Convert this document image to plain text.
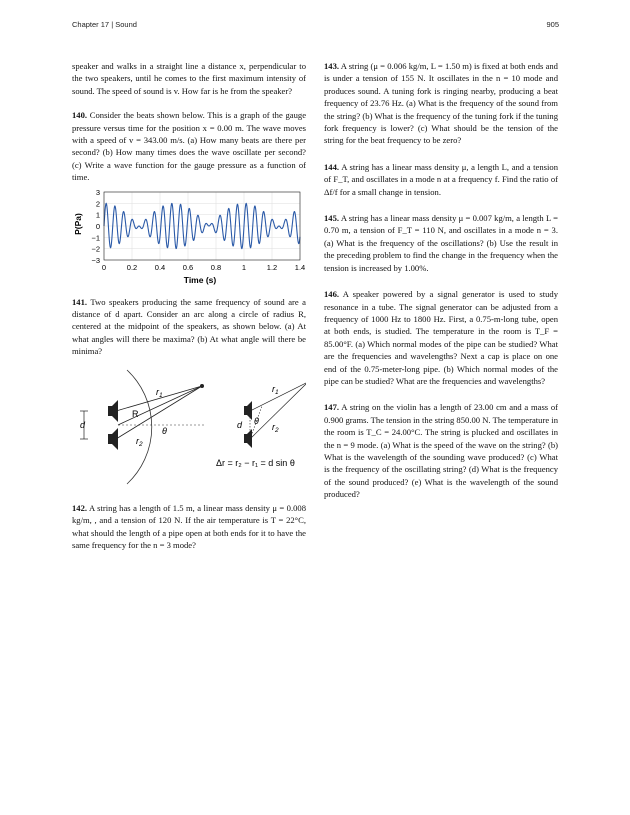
Chapter 17 | Sound	905

speaker and walks in a straight line a distance x, perpendicular to the two speakers, until he comes to the first maximum intensity of sound. The speed of sound is v. How far is he from the speaker?

140. Consider the beats shown below. This is a graph of the gauge pressure versus time for the position x = 0.00 m. The wave moves with a speed of v = 343.00 m/s. (a) How many beats are there per second? (b) How many times does the wave oscillate per second? (c) Write a wave function for the gauge pressure as a function of time.

3
2
1
0
−1
−2
−3
0	0.2 0.4 0.6 0.8	1	1.2 1.4
P(Pa)
Time (s)

141. Two speakers producing the same frequency of sound are a distance of d apart. Consider an arc along a circle of radius R, centered at the midpoint of the speakers, as shown below. (a) At what angles will there be maxima? (b) At what angle will there be minima?

d
$r_1$
R
$r_2$
θ
d θ
$r_1$
$r_2$
Δr = r₂ − r₁ = d sin θ

142. A string has a length of 1.5 m, a linear mass density μ = 0.008 kg/m, , and a tension of 120 N. If the air temperature is T = 22°C, what should the length of a pipe open at both ends for it to have the same frequency for the n = 3 mode?

143. A string (μ = 0.006 kg/m, L = 1.50 m) is fixed at both ends and is under a tension of 155 N. It oscillates in the n = 10 mode and produces sound. A tuning fork is ringing nearby, producing a beat frequency of 23.76 Hz. (a) What is the frequency of the sound from the string? (b) What is the frequency of the tuning fork if the tuning fork frequency is lower? (c) What should be the tension of the string for the beat frequency to be zero?

144. A string has a linear mass density μ, a length L, and a tension of F_T, and oscillates in a mode n at a frequency f. Find the ratio of Δf/f for a small change in tension.

145. A string has a linear mass density μ = 0.007 kg/m, a length L = 0.70 m, a tension of F_T = 110 N, and oscillates in a mode n = 3. (a) What is the frequency of the oscillations? (b) Use the result in the preceding problem to find the change in the frequency when the tension is increased by 1.00%.

146. A speaker powered by a signal generator is used to study resonance in a tube. The signal generator can be adjusted from a frequency of 1000 Hz to 1800 Hz. First, a 0.75-m-long tube, open at both ends, is studied. The temperature in the room is T_F = 85.00°F. (a) Which normal modes of the pipe can be studied? What are the frequencies and wavelengths? Next a cap is place on one end of the 0.75-meter-long pipe. (b) Which normal modes of the pipe can be studied? What are the frequencies and wavelengths?

147. A string on the violin has a length of 23.00 cm and a mass of 0.900 grams. The tension in the string 850.00 N. The temperature in the room is T_C = 24.00°C. The string is plucked and oscillates in the n = 9 mode. (a) What is the speed of the wave on the string? (b) What is the wavelength of the sounding wave produced? (c) What is the frequency of the oscillating string? (d) What is the frequency of the sound produced? (e) What is the wavelength of the sound produced?
